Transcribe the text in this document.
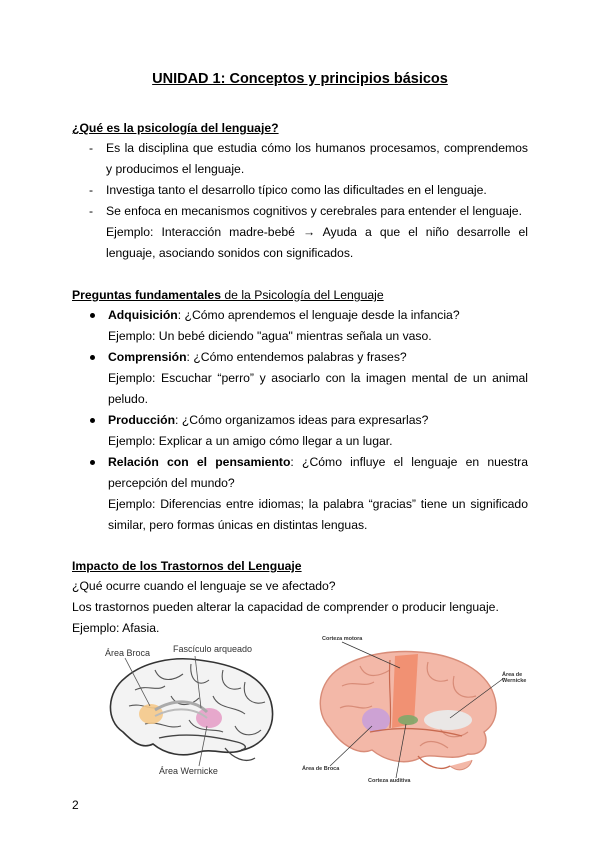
UNIDAD 1: Conceptos y principios básicos
¿Qué es la psicología del lenguaje?
- Es la disciplina que estudia cómo los humanos procesamos, comprendemos y producimos el lenguaje.
- Investiga tanto el desarrollo típico como las dificultades en el lenguaje.
- Se enfoca en mecanismos cognitivos y cerebrales para entender el lenguaje.
Ejemplo: Interacción madre-bebé → Ayuda a que el niño desarrolle el lenguaje, asociando sonidos con significados.
Preguntas fundamentales de la Psicología del Lenguaje
Adquisición: ¿Cómo aprendemos el lenguaje desde la infancia?
Ejemplo: Un bebé diciendo "agua" mientras señala un vaso.
Comprensión: ¿Cómo entendemos palabras y frases?
Ejemplo: Escuchar “perro” y asociarlo con la imagen mental de un animal peludo.
Producción: ¿Cómo organizamos ideas para expresarlas?
Ejemplo: Explicar a un amigo cómo llegar a un lugar.
Relación con el pensamiento: ¿Cómo influye el lenguaje en nuestra percepción del mundo?
Ejemplo: Diferencias entre idiomas; la palabra “gracias” tiene un significado similar, pero formas únicas en distintas lenguas.
Impacto de los Trastornos del Lenguaje
¿Qué ocurre cuando el lenguaje se ve afectado?
Los trastornos pueden alterar la capacidad de comprender o producir lenguaje.
Ejemplo: Afasia.
Área Broca	Fascículo arqueado
Área Wernicke
Corteza motora
Área de Wernicke
Área de Broca
Corteza auditiva
2
